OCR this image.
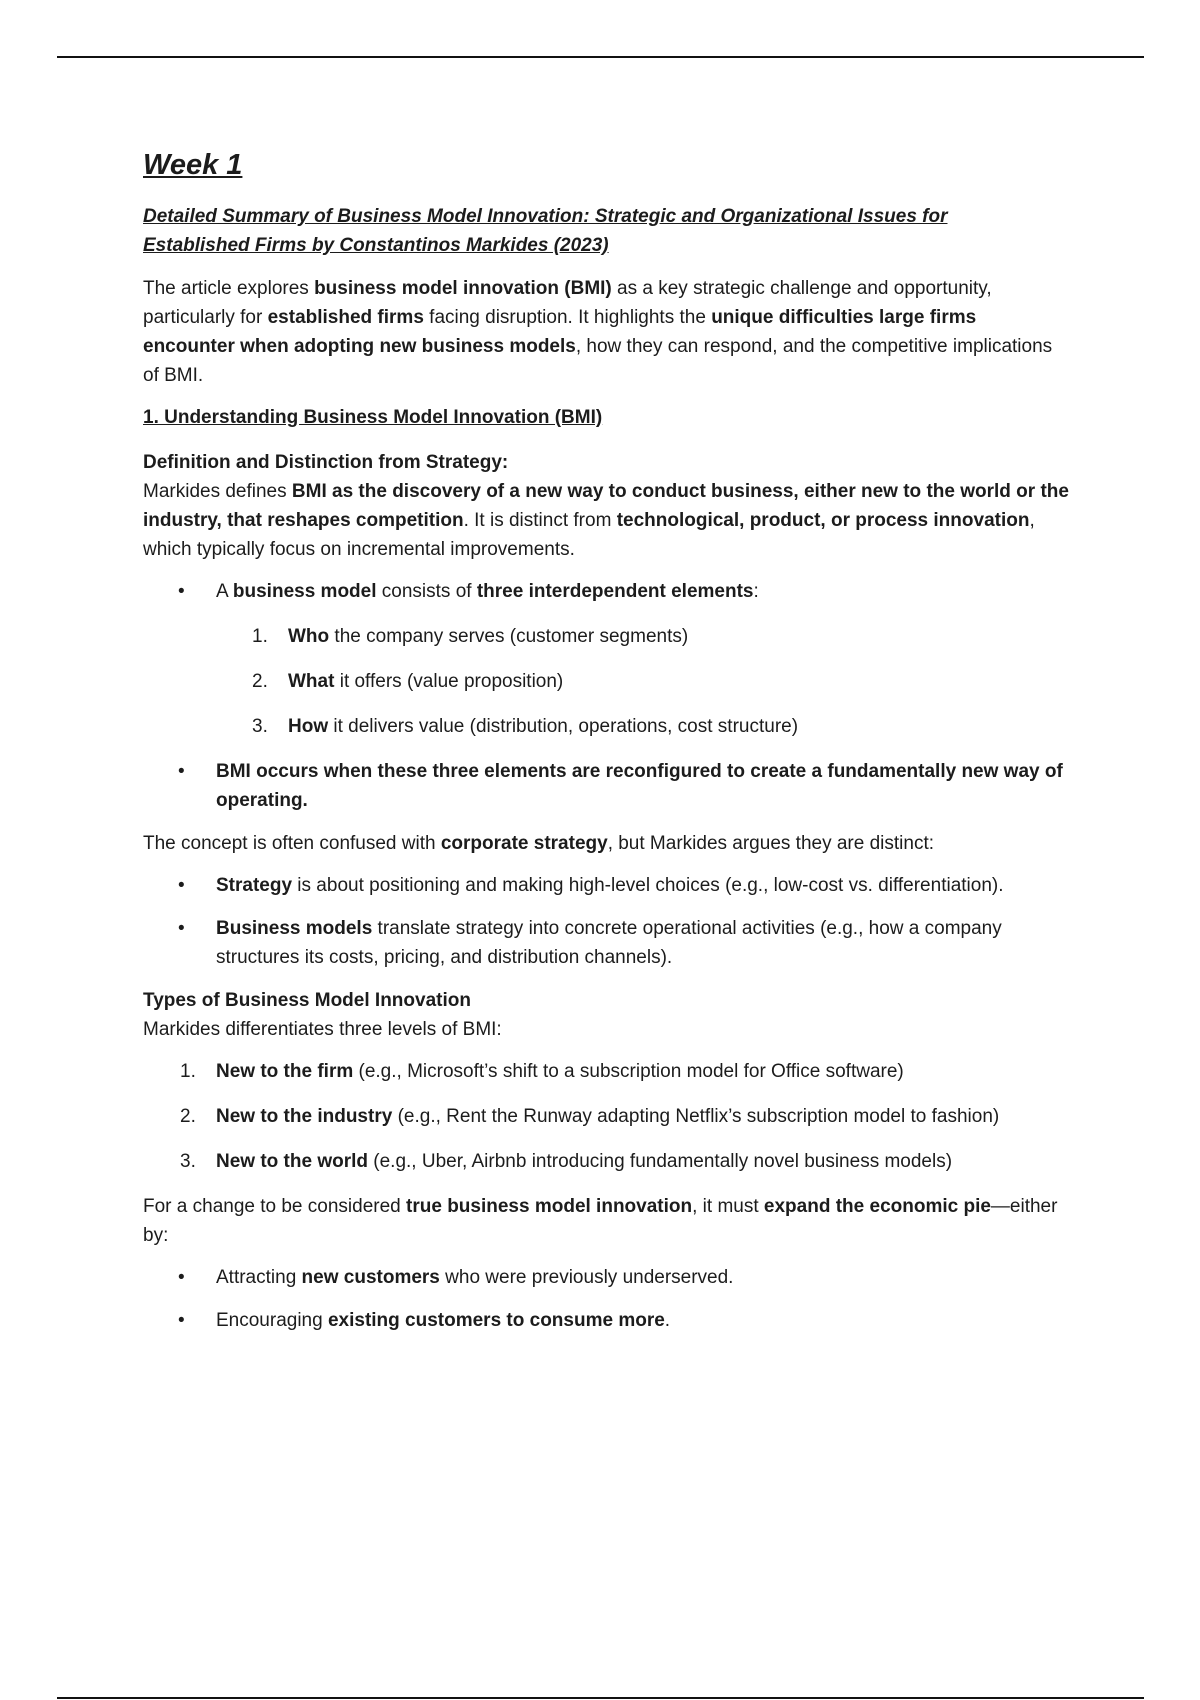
Week 1
Detailed Summary of Business Model Innovation: Strategic and Organizational Issues for Established Firms by Constantinos Markides (2023)

The article explores business model innovation (BMI) as a key strategic challenge and opportunity, particularly for established firms facing disruption. It highlights the unique difficulties large firms encounter when adopting new business models, how they can respond, and the competitive implications of BMI.

1. Understanding Business Model Innovation (BMI)
Definition and Distinction from Strategy:

Markides defines BMI as the discovery of a new way to conduct business, either new to the world or the industry, that reshapes competition. It is distinct from technological, product, or process innovation, which typically focus on incremental improvements.

• A business model consists of three interdependent elements:
1. Who the company serves (customer segments)
2. What it offers (value proposition)
3. How it delivers value (distribution, operations, cost structure)
• BMI occurs when these three elements are reconfigured to create a fundamentally new way of operating.

The concept is often confused with corporate strategy, but Markides argues they are distinct:

• Strategy is about positioning and making high-level choices (e.g., low-cost vs. differentiation).
• Business models translate strategy into concrete operational activities (e.g., how a company structures its costs, pricing, and distribution channels).
Types of Business Model Innovation

Markides differentiates three levels of BMI:

1. New to the firm (e.g., Microsoft’s shift to a subscription model for Office software)
2. New to the industry (e.g., Rent the Runway adapting Netflix’s subscription model to fashion)
3. New to the world (e.g., Uber, Airbnb introducing fundamentally novel business models)

For a change to be considered true business model innovation, it must expand the economic pie—either by:

• Attracting new customers who were previously underserved.
• Encouraging existing customers to consume more.
